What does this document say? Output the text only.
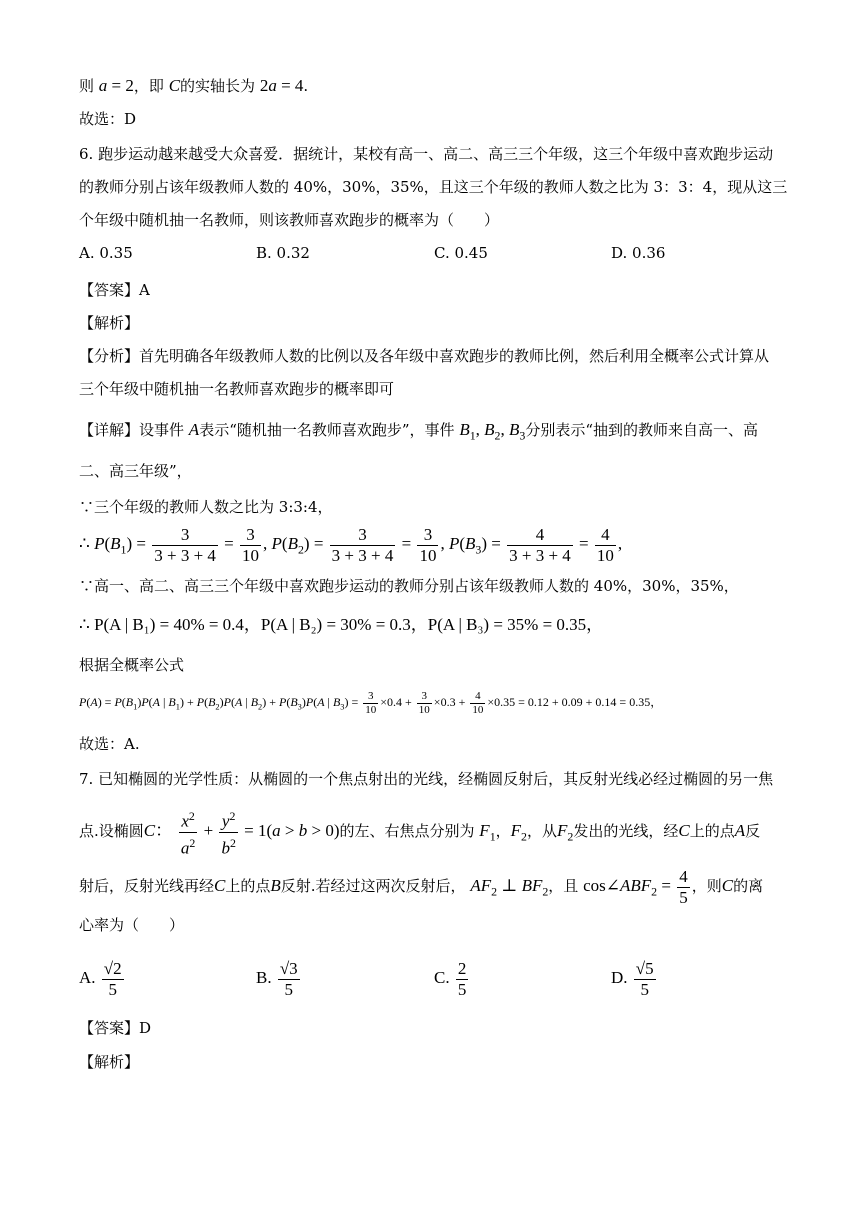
则 a = 2，即 C的实轴长为 2a = 4.
故选：D
6. 跑步运动越来越受大众喜爱．据统计，某校有高一、高二、高三三个年级，这三个年级中喜欢跑步运动
的教师分别占该年级教师人数的 40%，30%，35%，且这三个年级的教师人数之比为 3：3：4，现从这三
个年级中随机抽一名教师，则该教师喜欢跑步的概率为（　　）
A. 0.35	B. 0.32	C. 0.45	D. 0.36
【答案】A
【解析】
【分析】首先明确各年级教师人数的比例以及各年级中喜欢跑步的教师比例，然后利用全概率公式计算从
三个年级中随机抽一名教师喜欢跑步的概率即可
【详解】设事件 A表示“随机抽一名教师喜欢跑步”，事件 $B_1$, $B_2$, $B_3$分别表示“抽到的教师来自高一、高
二、高三年级”，
∵三个年级的教师人数之比为 3:3:4，
∴ $P(B_1) = \frac{3}{3 + 3 + 4} = \frac{3}{10}$ , $P(B_2) = \frac{3}{3 + 3 + 4} = \frac{3}{10}$ , $P(B_3) = \frac{4}{3 + 3 + 4} = \frac{4}{10}$ ,
∵高一、高二、高三三个年级中喜欢跑步运动的教师分别占该年级教师人数的 40%，30%，35%，
∴ P(A | B₁) = 40% = 0.4，P(A | B₂) = 30% = 0.3，P(A | B₃) = 35% = 0.35，
根据全概率公式
$P(A) = P(B_1)P(A$ | $B_1) + P(B_2)P(A$ | $B_2) + P(B_3)P(A$ | $B_3) = \frac{3}{10} \times 0.4 + \frac{3}{10} \times 0.3 + \frac{4}{10} \times 0.35 = 0.12 + 0.09 + 0.14 = 0.35$，
故选：A.
7. 已知椭圆的光学性质：从椭圆的一个焦点射出的光线，经椭圆反射后，其反射光线必经过椭圆的另一焦
点.设椭圆C： $\frac{x^2}{a^2} + \frac{y^2}{b^2} = 1(a > b > 0)$的左、右焦点分别为 $F_1$，$F_2$，从$F_2$发出的光线，经C上的点A反
射后，反射光线再经C上的点B反射.若经过这两次反射后， $AF_2$ ⊥ $BF_2$，且 $\cos\angle ABF_2 = \frac{4}{5}$ ，则C的离
心率为（　　）
A. $\frac{√2}{5}$	B. $\frac{√3}{5}$	C. $\frac{2}{5}$	D. $\frac{√5}{5}$
【答案】D
【解析】
